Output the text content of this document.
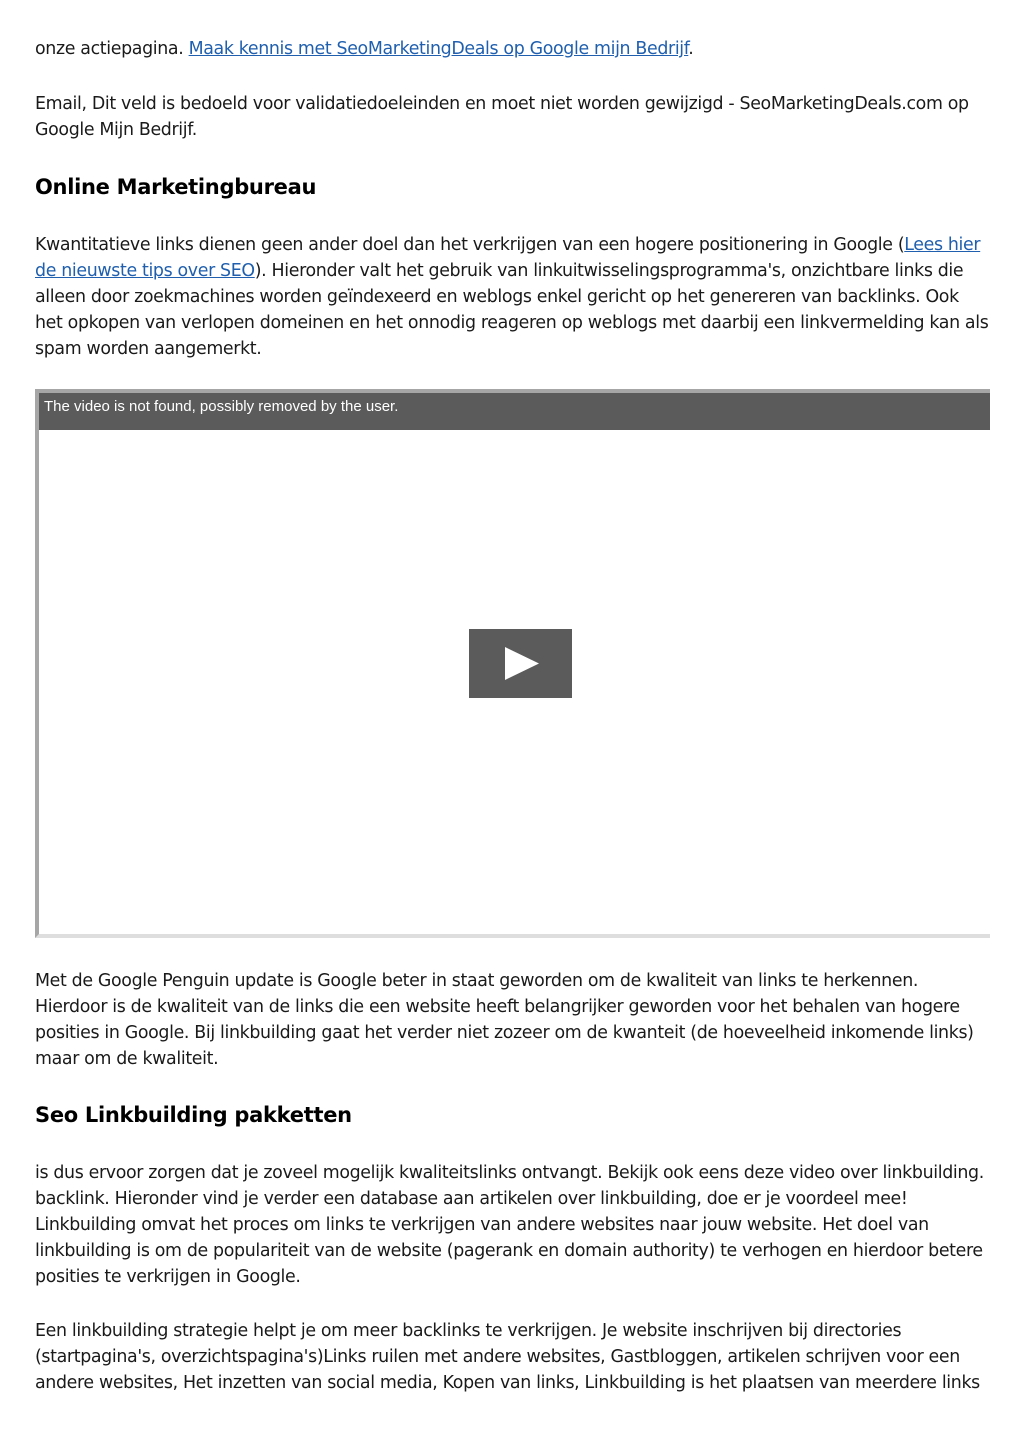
onze actiepagina. Maak kennis met SeoMarketingDeals op Google mijn Bedrijf.

Email, Dit veld is bedoeld voor validatiedoeleinden en moet niet worden gewijzigd - SeoMarketingDeals.com op Google Mijn Bedrijf.

Online Marketingbureau

Kwantitatieve links dienen geen ander doel dan het verkrijgen van een hogere positionering in Google (Lees hier de nieuwste tips over SEO). Hieronder valt het gebruik van linkuitwisselingsprogramma's, onzichtbare links die alleen door zoekmachines worden geïndexeerd en weblogs enkel gericht op het genereren van backlinks. Ook het opkopen van verlopen domeinen en het onnodig reageren op weblogs met daarbij een linkvermelding kan als spam worden aangemerkt.

The video is not found, possibly removed by the user.

Met de Google Penguin update is Google beter in staat geworden om de kwaliteit van links te herkennen. Hierdoor is de kwaliteit van de links die een website heeft belangrijker geworden voor het behalen van hogere posities in Google. Bij linkbuilding gaat het verder niet zozeer om de kwanteit (de hoeveelheid inkomende links) maar om de kwaliteit.

Seo Linkbuilding pakketten

is dus ervoor zorgen dat je zoveel mogelijk kwaliteitslinks ontvangt. Bekijk ook eens deze video over linkbuilding. backlink. Hieronder vind je verder een database aan artikelen over linkbuilding, doe er je voordeel mee! Linkbuilding omvat het proces om links te verkrijgen van andere websites naar jouw website. Het doel van linkbuilding is om de populariteit van de website (pagerank en domain authority) te verhogen en hierdoor betere posities te verkrijgen in Google.

Een linkbuilding strategie helpt je om meer backlinks te verkrijgen. Je website inschrijven bij directories (startpagina's, overzichtspagina's)Links ruilen met andere websites, Gastbloggen, artikelen schrijven voor een andere websites, Het inzetten van social media, Kopen van links, Linkbuilding is het plaatsen van meerdere links
